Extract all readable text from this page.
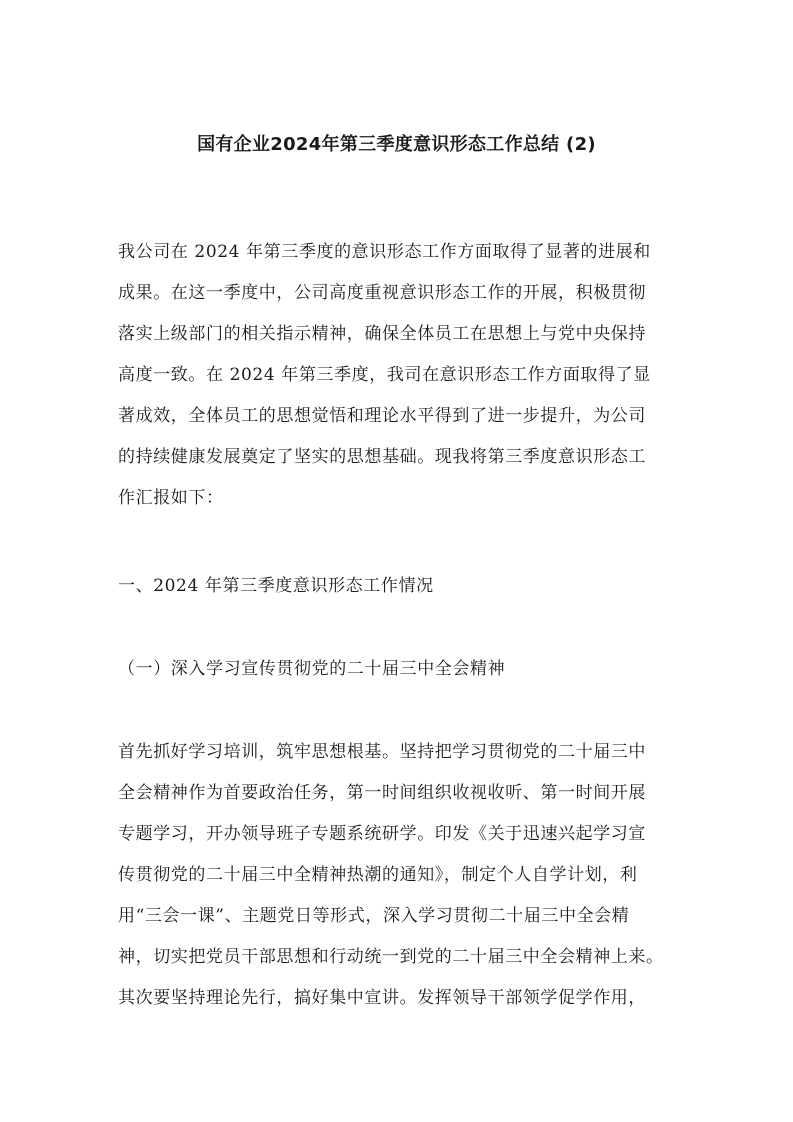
国有企业2024年第三季度意识形态工作总结 (2)
我公司在 2024 年第三季度的意识形态工作方面取得了显著的进展和
成果。在这一季度中，公司高度重视意识形态工作的开展，积极贯彻
落实上级部门的相关指示精神，确保全体员工在思想上与党中央保持
高度一致。在 2024 年第三季度，我司在意识形态工作方面取得了显
著成效，全体员工的思想觉悟和理论水平得到了进一步提升，为公司
的持续健康发展奠定了坚实的思想基础。现我将第三季度意识形态工
作汇报如下：
一、2024 年第三季度意识形态工作情况
（一）深入学习宣传贯彻党的二十届三中全会精神
首先抓好学习培训，筑牢思想根基。坚持把学习贯彻党的二十届三中
全会精神作为首要政治任务，第一时间组织收视收听、第一时间开展
专题学习，开办领导班子专题系统研学。印发《关于迅速兴起学习宣
传贯彻党的二十届三中全精神热潮的通知》，制定个人自学计划，利
用“三会一课”、主题党日等形式，深入学习贯彻二十届三中全会精
神，切实把党员干部思想和行动统一到党的二十届三中全会精神上来。
其次要坚持理论先行，搞好集中宣讲。发挥领导干部领学促学作用，
